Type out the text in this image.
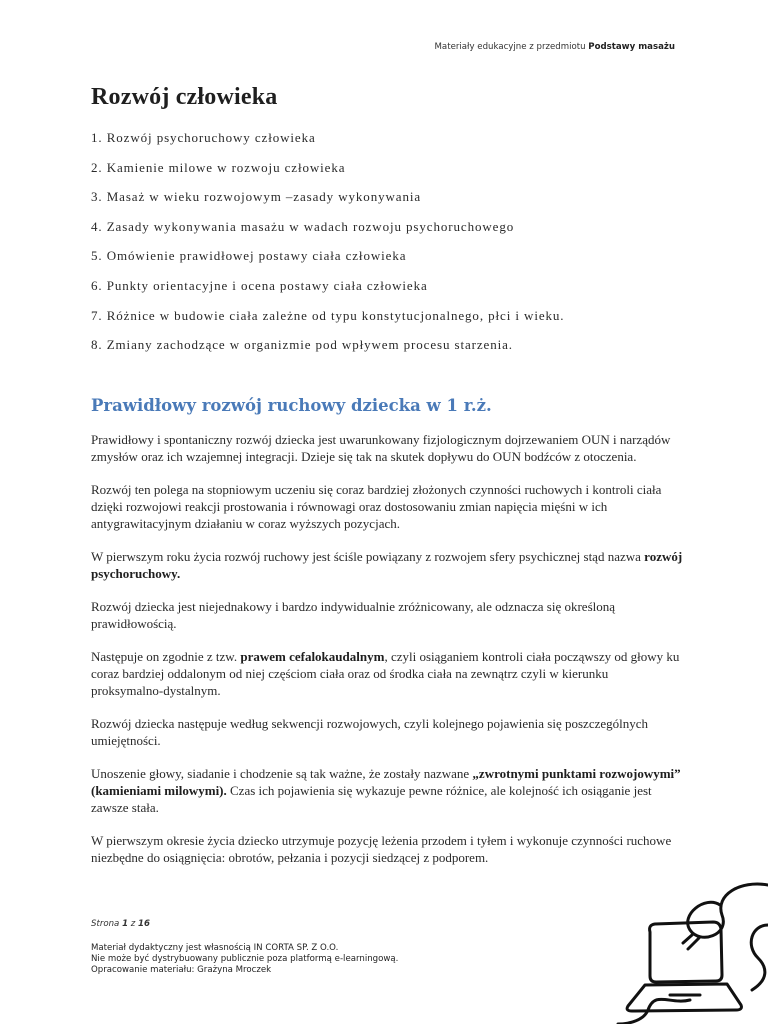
Materiały edukacyjne z przedmiotu Podstawy masażu
Rozwój człowieka
1. Rozwój psychoruchowy człowieka
2. Kamienie milowe w rozwoju człowieka
3. Masaż w wieku rozwojowym –zasady wykonywania
4. Zasady wykonywania masażu w wadach rozwoju psychoruchowego
5. Omówienie prawidłowej postawy ciała człowieka
6. Punkty orientacyjne i ocena postawy ciała człowieka
7. Różnice w budowie ciała zależne od typu konstytucjonalnego, płci i wieku.
8. Zmiany zachodzące w organizmie pod wpływem procesu starzenia.
Prawidłowy rozwój ruchowy dziecka w 1 r.ż.

Prawidłowy i spontaniczny rozwój dziecka jest uwarunkowany fizjologicznym dojrzewaniem OUN i narządów zmysłów oraz ich wzajemnej integracji. Dzieje się tak na skutek dopływu do OUN bodźców z otoczenia.

Rozwój ten polega na stopniowym uczeniu się coraz bardziej złożonych czynności ruchowych i kontroli ciała dzięki rozwojowi reakcji prostowania i równowagi oraz dostosowaniu zmian napięcia mięśni w ich antygrawitacyjnym działaniu w coraz wyższych pozycjach.

W pierwszym roku życia rozwój ruchowy jest ściśle powiązany z rozwojem sfery psychicznej stąd nazwa rozwój psychoruchowy.

Rozwój dziecka jest niejednakowy i bardzo indywidualnie zróżnicowany, ale odznacza się określoną prawidłowością.

Następuje on zgodnie z tzw. prawem cefalokaudalnym, czyli osiąganiem kontroli ciała począwszy od głowy ku coraz bardziej oddalonym od niej częściom ciała oraz od środka ciała na zewnątrz czyli w kierunku proksymalno-dystalnym.

Rozwój dziecka następuje według sekwencji rozwojowych, czyli kolejnego pojawienia się poszczególnych umiejętności.

Unoszenie głowy, siadanie i chodzenie są tak ważne, że zostały nazwane „zwrotnymi punktami rozwojowymi” (kamieniami milowymi). Czas ich pojawienia się wykazuje pewne różnice, ale kolejność ich osiąganie jest zawsze stała.

W pierwszym okresie życia dziecko utrzymuje pozycję leżenia przodem i tyłem i wykonuje czynności ruchowe niezbędne do osiągnięcia: obrotów, pełzania i pozycji siedzącej z podporem.

Strona 1 z 16
Materiał dydaktyczny jest własnością IN CORTA SP. Z O.O.
Nie może być dystrybuowany publicznie poza platformą e-learningową.
Opracowanie materiału: Grażyna Mroczek
